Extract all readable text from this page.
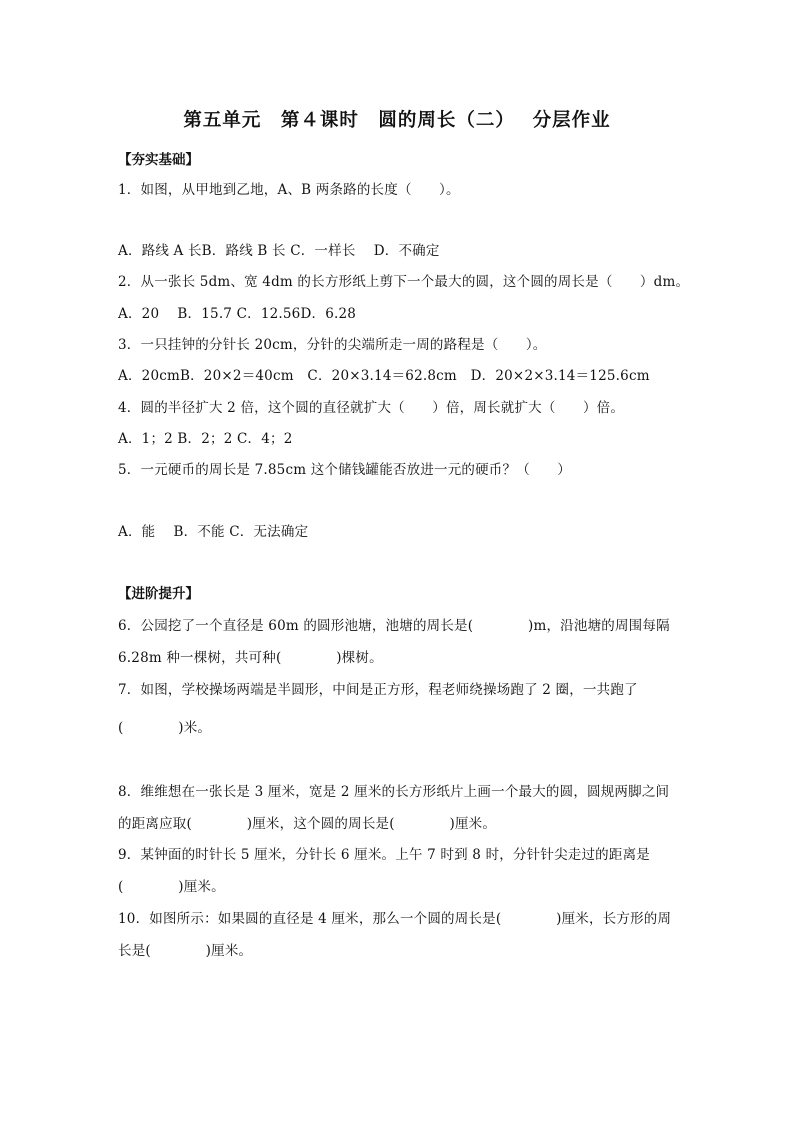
第五单元　第４课时　圆的周长（二）　 分层作业
【夯实基础】
1．如图，从甲地到乙地，A、B 两条路的长度（　　）。
A．路线 A 长B．路线 B 长 C．一样长　 D．不确定
2．从一张长 5dm、宽 4dm 的长方形纸上剪下一个最大的圆，这个圆的周长是（　　）dm。
A．20　 B．15.7 C．12.56D．6.28
3．一只挂钟的分针长 20cm，分针的尖端所走一周的路程是（　　）。
A．20cmB．20×2＝40cm　C．20×3.14＝62.8cm　D．20×2×3.14＝125.6cm
4．圆的半径扩大 2 倍，这个圆的直径就扩大（　　）倍，周长就扩大（　　）倍。
A．1；2 B．2；2 C．4；2
5．一元硬币的周长是 7.85cm 这个储钱罐能否放进一元的硬币？（　　）
A．能　 B．不能 C．无法确定
【进阶提升】
6．公园挖了一个直径是 60m 的圆形池塘，池塘的周长是(　　　　)m，沿池塘的周围每隔
6.28m 种一棵树，共可种(　　　　)棵树。
7．如图，学校操场两端是半圆形，中间是正方形，程老师绕操场跑了 2 圈，一共跑了
(　　　　)米。
8．维维想在一张长是 3 厘米，宽是 2 厘米的长方形纸片上画一个最大的圆，圆规两脚之间
的距离应取(　　　　)厘米，这个圆的周长是(　　　　)厘米。
9．某钟面的时针长 5 厘米，分针长 6 厘米。上午 7 时到 8 时，分针针尖走过的距离是
(　　　　)厘米。
10．如图所示：如果圆的直径是 4 厘米，那么一个圆的周长是(　　　　)厘米，长方形的周
长是(　　　　)厘米。
